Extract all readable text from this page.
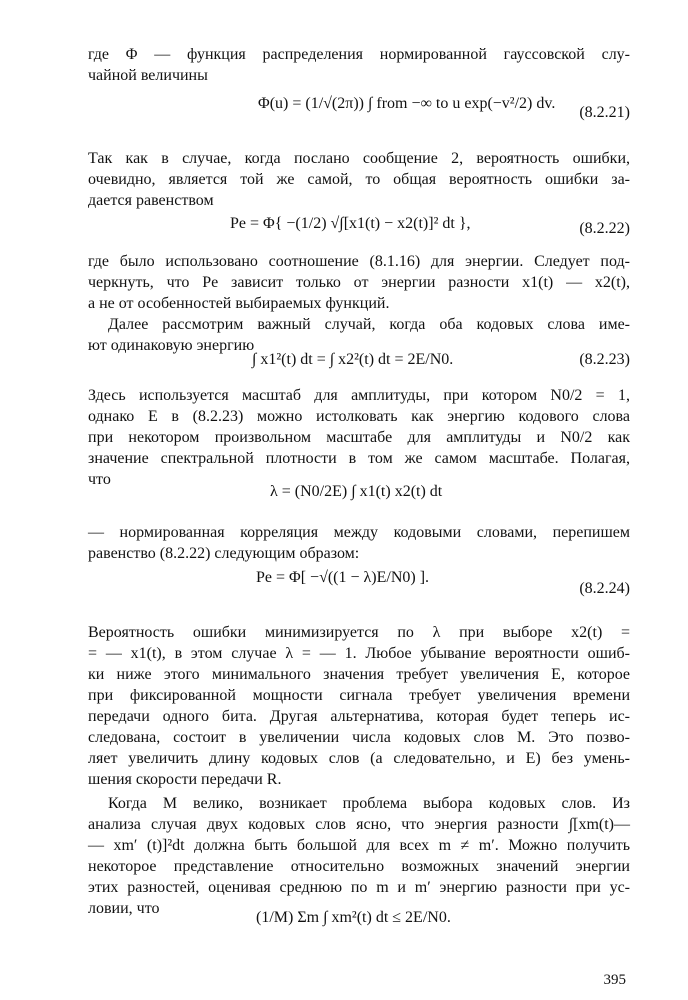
где Φ — функция распределения нормированной гауссовской слу-

чайной величины

Φ(u) = (1/√(2π)) ∫ from −∞ to u exp(−v²/2) dv.
(8.2.21)

Так как в случае, когда послано сообщение 2, вероятность ошибки,

очевидно, является той же самой, то общая вероятность ошибки за-

дается равенством

Pe = Φ{ −(1/2) √∫[x1(t) − x2(t)]² dt },	(8.2.22)

где было использовано соотношение (8.1.16) для энергии. Следует под-

черкнуть, что Pe зависит только от энергии разности x1(t) — x2(t),

а не от особенностей выбираемых функций.

Далее рассмотрим важный случай, когда оба кодовых слова име-

ют одинаковую энергию

∫ x1²(t) dt = ∫ x2²(t) dt = 2E/N0.	(8.2.23)

Здесь используется масштаб для амплитуды, при котором N0/2 = 1,

однако E в (8.2.23) можно истолковать как энергию кодового слова

при некотором произвольном масштабе для амплитуды и N0/2 как

значение спектральной плотности в том же самом масштабе. Полагая,

что

λ = (N0/2E) ∫ x1(t) x2(t) dt

— нормированная корреляция между кодовыми словами, перепишем

равенство (8.2.22) следующим образом:

Pe = Φ[ −√((1 − λ)E/N0) ].
(8.2.24)

Вероятность ошибки минимизируется по λ при выборе x2(t) =

= — x1(t), в этом случае λ = — 1. Любое убывание вероятности ошиб-

ки ниже этого минимального значения требует увеличения E, которое

при фиксированной мощности сигнала требует увеличения времени

передачи одного бита. Другая альтернатива, которая будет теперь ис-

следована, состоит в увеличении числа кодовых слов M. Это позво-

ляет увеличить длину кодовых слов (а следовательно, и E) без умень-

шения скорости передачи R.

Когда M велико, возникает проблема выбора кодовых слов. Из

анализа случая двух кодовых слов ясно, что энергия разности ∫[xm(t)—

— xm′ (t)]²dt должна быть большой для всех m ≠ m′. Можно получить

некоторое представление относительно возможных значений энергии

этих разностей, оценивая среднюю по m и m′ энергию разности при ус-

ловии, что

(1/M) Σm ∫ xm²(t) dt ≤ 2E/N0.
395
